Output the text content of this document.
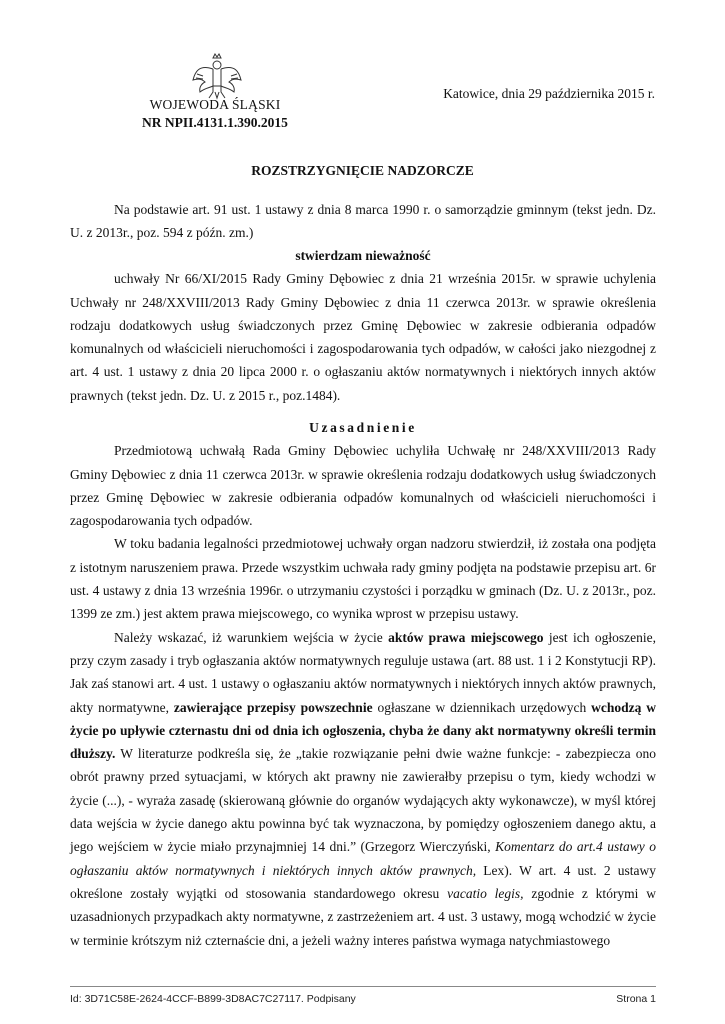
WOJEWODA ŚLĄSKI
NR NPII.4131.1.390.2015
Katowice, dnia 29 października 2015 r.
ROZSTRZYGNIĘCIE NADZORCZE

Na podstawie art. 91 ust. 1 ustawy z dnia 8 marca 1990 r. o samorządzie gminnym (tekst jedn. Dz. U. z 2013r., poz. 594 z późn. zm.)

stwierdzam nieważność

uchwały Nr 66/XI/2015 Rady Gminy Dębowiec z dnia 21 września 2015r. w sprawie uchylenia Uchwały nr 248/XXVIII/2013 Rady Gminy Dębowiec z dnia 11 czerwca 2013r. w sprawie określenia rodzaju dodatkowych usług świadczonych przez Gminę Dębowiec w zakresie odbierania odpadów komunalnych od właścicieli nieruchomości i zagospodarowania tych odpadów, w całości jako niezgodnej z art. 4 ust. 1 ustawy z dnia 20 lipca 2000 r. o ogłaszaniu aktów normatywnych i niektórych innych aktów prawnych (tekst jedn. Dz. U. z 2015 r., poz.1484).

Uzasadnienie

Przedmiotową uchwałą Rada Gminy Dębowiec uchyliła Uchwałę nr 248/XXVIII/2013 Rady Gminy Dębowiec z dnia 11 czerwca 2013r. w sprawie określenia rodzaju dodatkowych usług świadczonych przez Gminę Dębowiec w zakresie odbierania odpadów komunalnych od właścicieli nieruchomości i zagospodarowania tych odpadów.

W toku badania legalności przedmiotowej uchwały organ nadzoru stwierdził, iż została ona podjęta z istotnym naruszeniem prawa. Przede wszystkim uchwała rady gminy podjęta na podstawie przepisu art. 6r ust. 4 ustawy z dnia 13 września 1996r. o utrzymaniu czystości i porządku w gminach (Dz. U. z 2013r., poz. 1399 ze zm.) jest aktem prawa miejscowego, co wynika wprost w przepisu ustawy.

Należy wskazać, iż warunkiem wejścia w życie aktów prawa miejscowego jest ich ogłoszenie, przy czym zasady i tryb ogłaszania aktów normatywnych reguluje ustawa (art. 88 ust. 1 i 2 Konstytucji RP). Jak zaś stanowi art. 4 ust. 1 ustawy o ogłaszaniu aktów normatywnych i niektórych innych aktów prawnych, akty normatywne, zawierające przepisy powszechnie ogłaszane w dziennikach urzędowych wchodzą w życie po upływie czternastu dni od dnia ich ogłoszenia, chyba że dany akt normatywny określi termin dłuższy. W literaturze podkreśla się, że „takie rozwiązanie pełni dwie ważne funkcje: - zabezpiecza ono obrót prawny przed sytuacjami, w których akt prawny nie zawierałby przepisu o tym, kiedy wchodzi w życie (...), - wyraża zasadę (skierowaną głównie do organów wydających akty wykonawcze), w myśl której data wejścia w życie danego aktu powinna być tak wyznaczona, by pomiędzy ogłoszeniem danego aktu, a jego wejściem w życie miało przynajmniej 14 dni.” (Grzegorz Wierczyński, Komentarz do art.4 ustawy o ogłaszaniu aktów normatywnych i niektórych innych aktów prawnych, Lex). W art. 4 ust. 2 ustawy określone zostały wyjątki od stosowania standardowego okresu vacatio legis, zgodnie z którymi w uzasadnionych przypadkach akty normatywne, z zastrzeżeniem art. 4 ust. 3 ustawy, mogą wchodzić w życie w terminie krótszym niż czternaście dni, a jeżeli ważny interes państwa wymaga natychmiastowego

Id: 3D71C58E-2624-4CCF-B899-3D8AC7C27117. Podpisany	Strona 1
